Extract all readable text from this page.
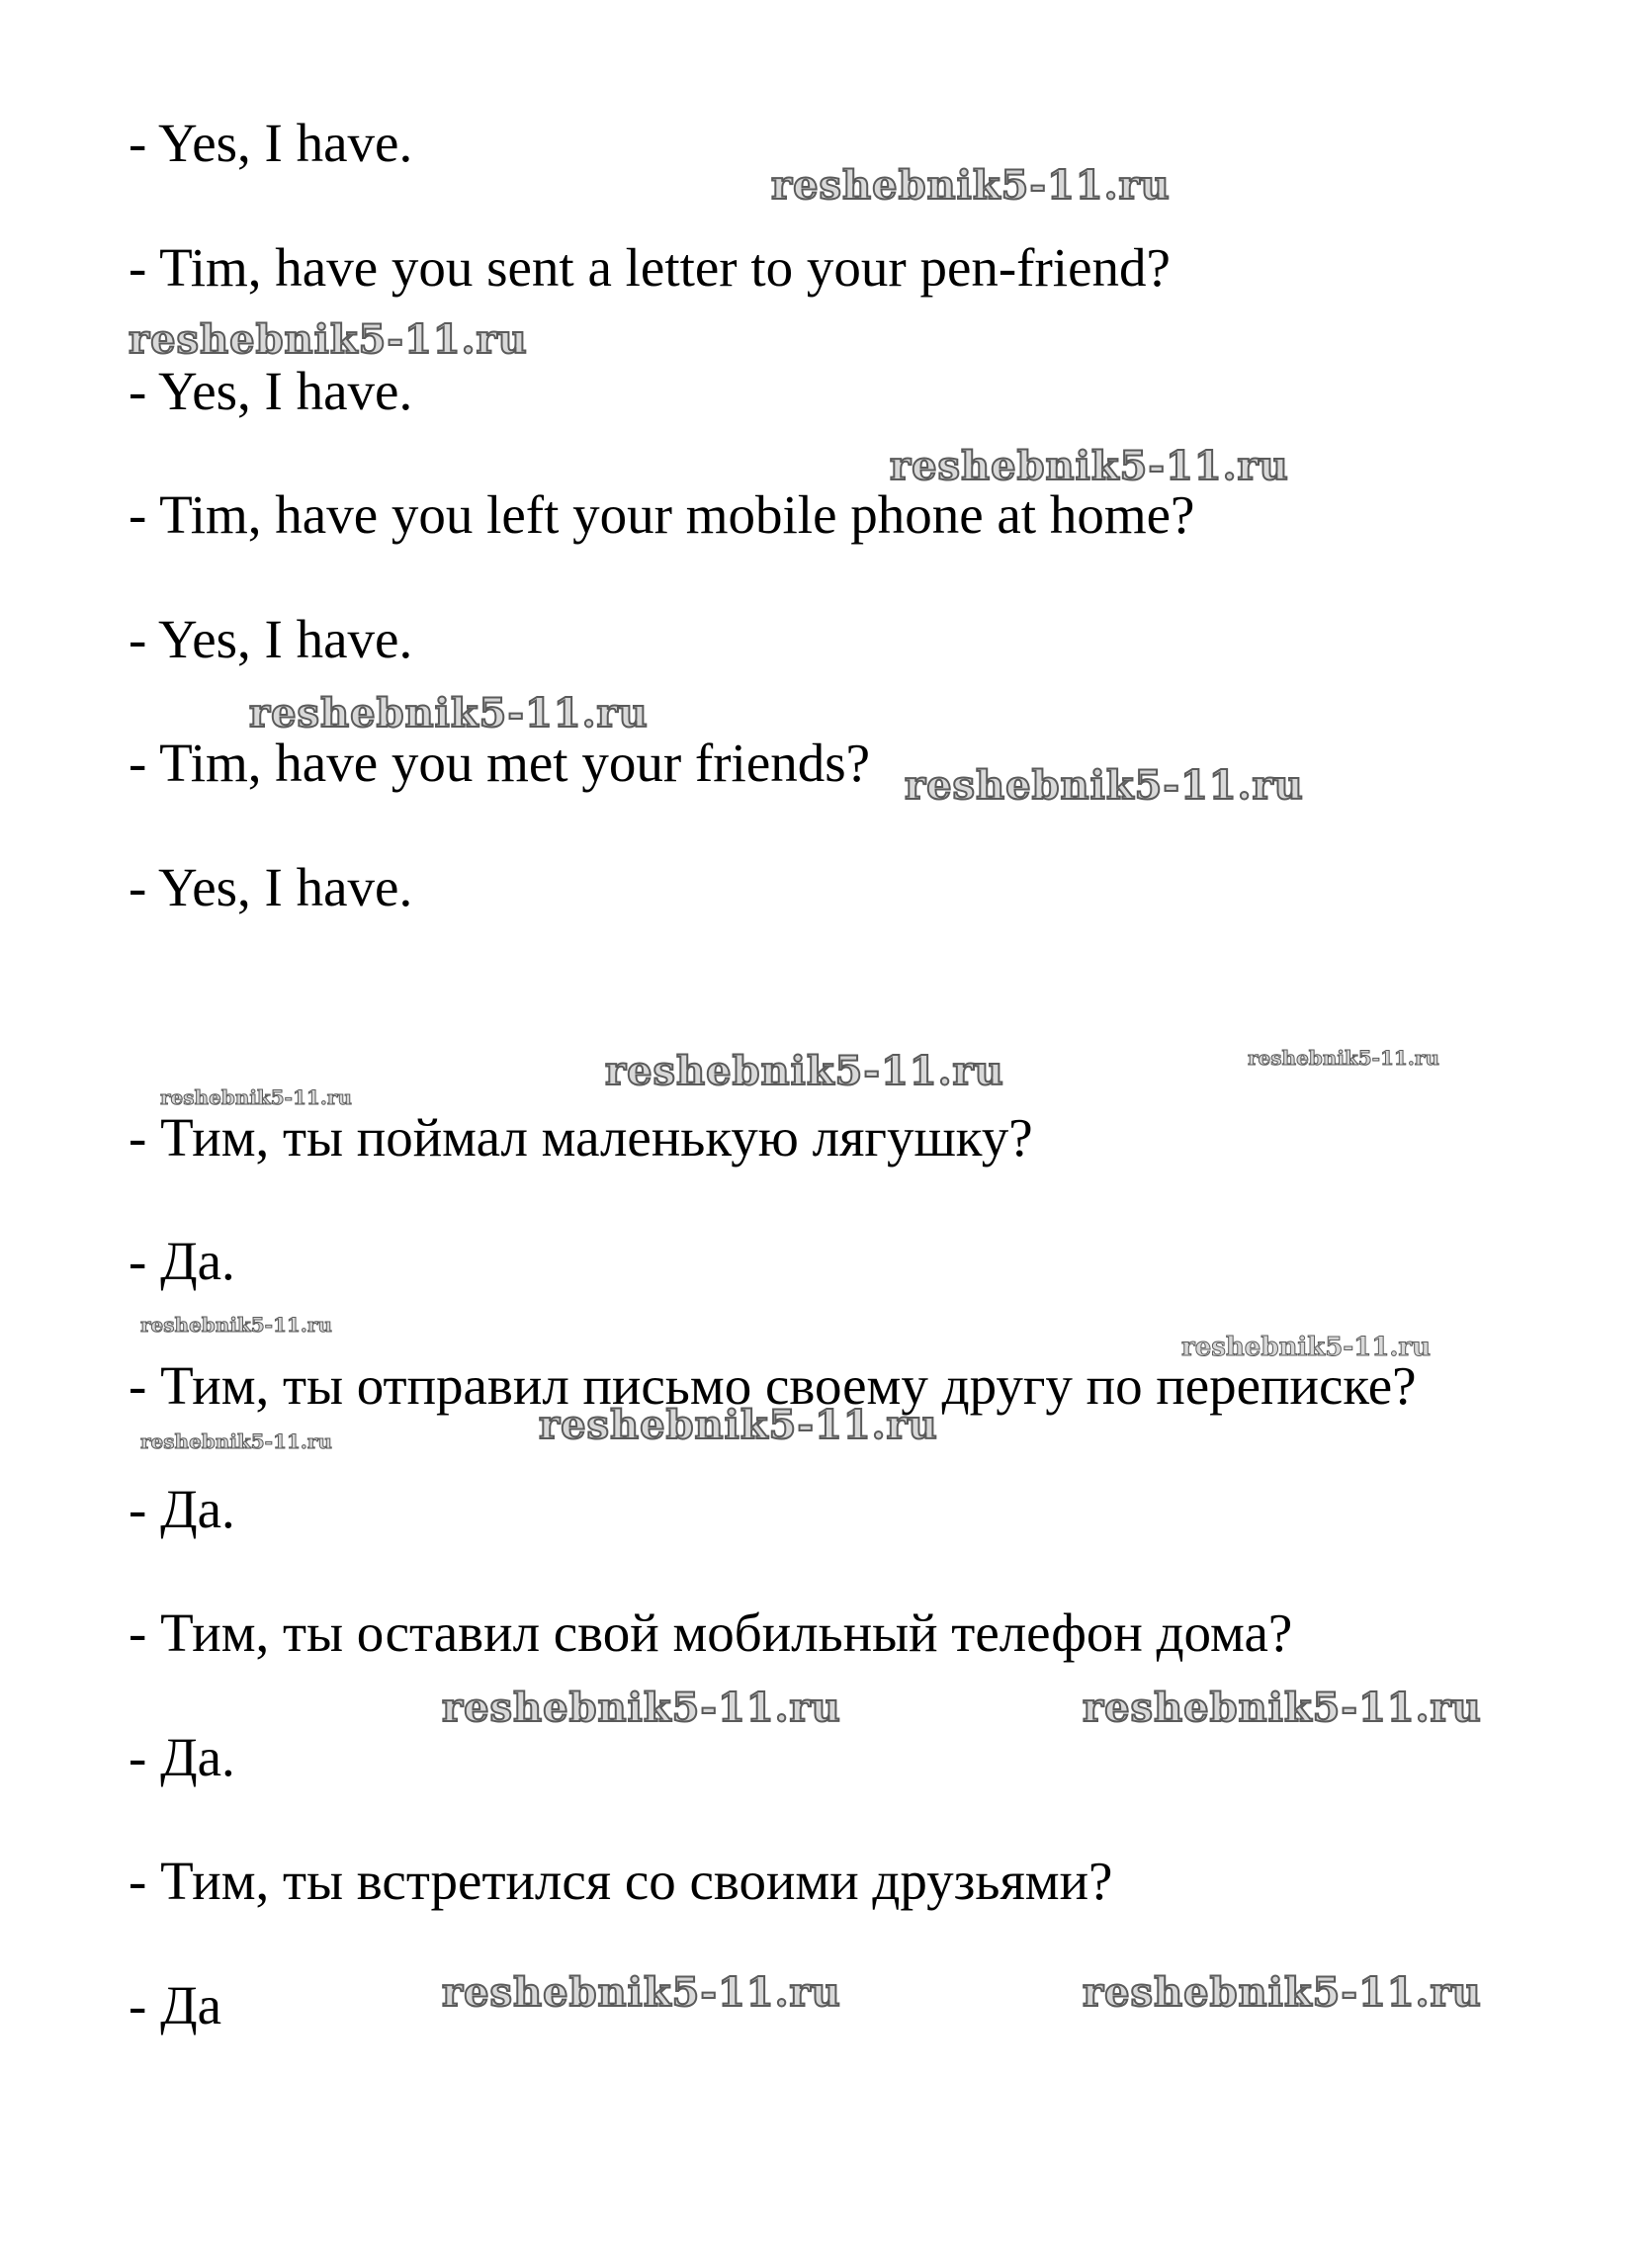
- Yes, I have.
- Tim, have you sent a letter to your pen-friend?
- Yes, I have.
- Tim, have you left your mobile phone at home?
- Yes, I have.
- Tim, have you met your friends?
- Yes, I have.
- Тим, ты поймал маленькую лягушку?
- Да.
- Тим, ты отправил письмо своему другу по переписке?
- Да.
- Тим, ты оставил свой мобильный телефон дома?
- Да.
- Тим, ты встретился со своими друзьями?
- Да
reshebnik5-11.ru
reshebnik5-11.ru
reshebnik5-11.ru
reshebnik5-11.ru
reshebnik5-11.ru
reshebnik5-11.ru	reshebnik5-11.ru
reshebnik5-11.ru
reshebnik5-11.ru
reshebnik5-11.ru
reshebnik5-11.ru
reshebnik5-11.ru
reshebnik5-11.ru	reshebnik5-11.ru
reshebnik5-11.ru	reshebnik5-11.ru
